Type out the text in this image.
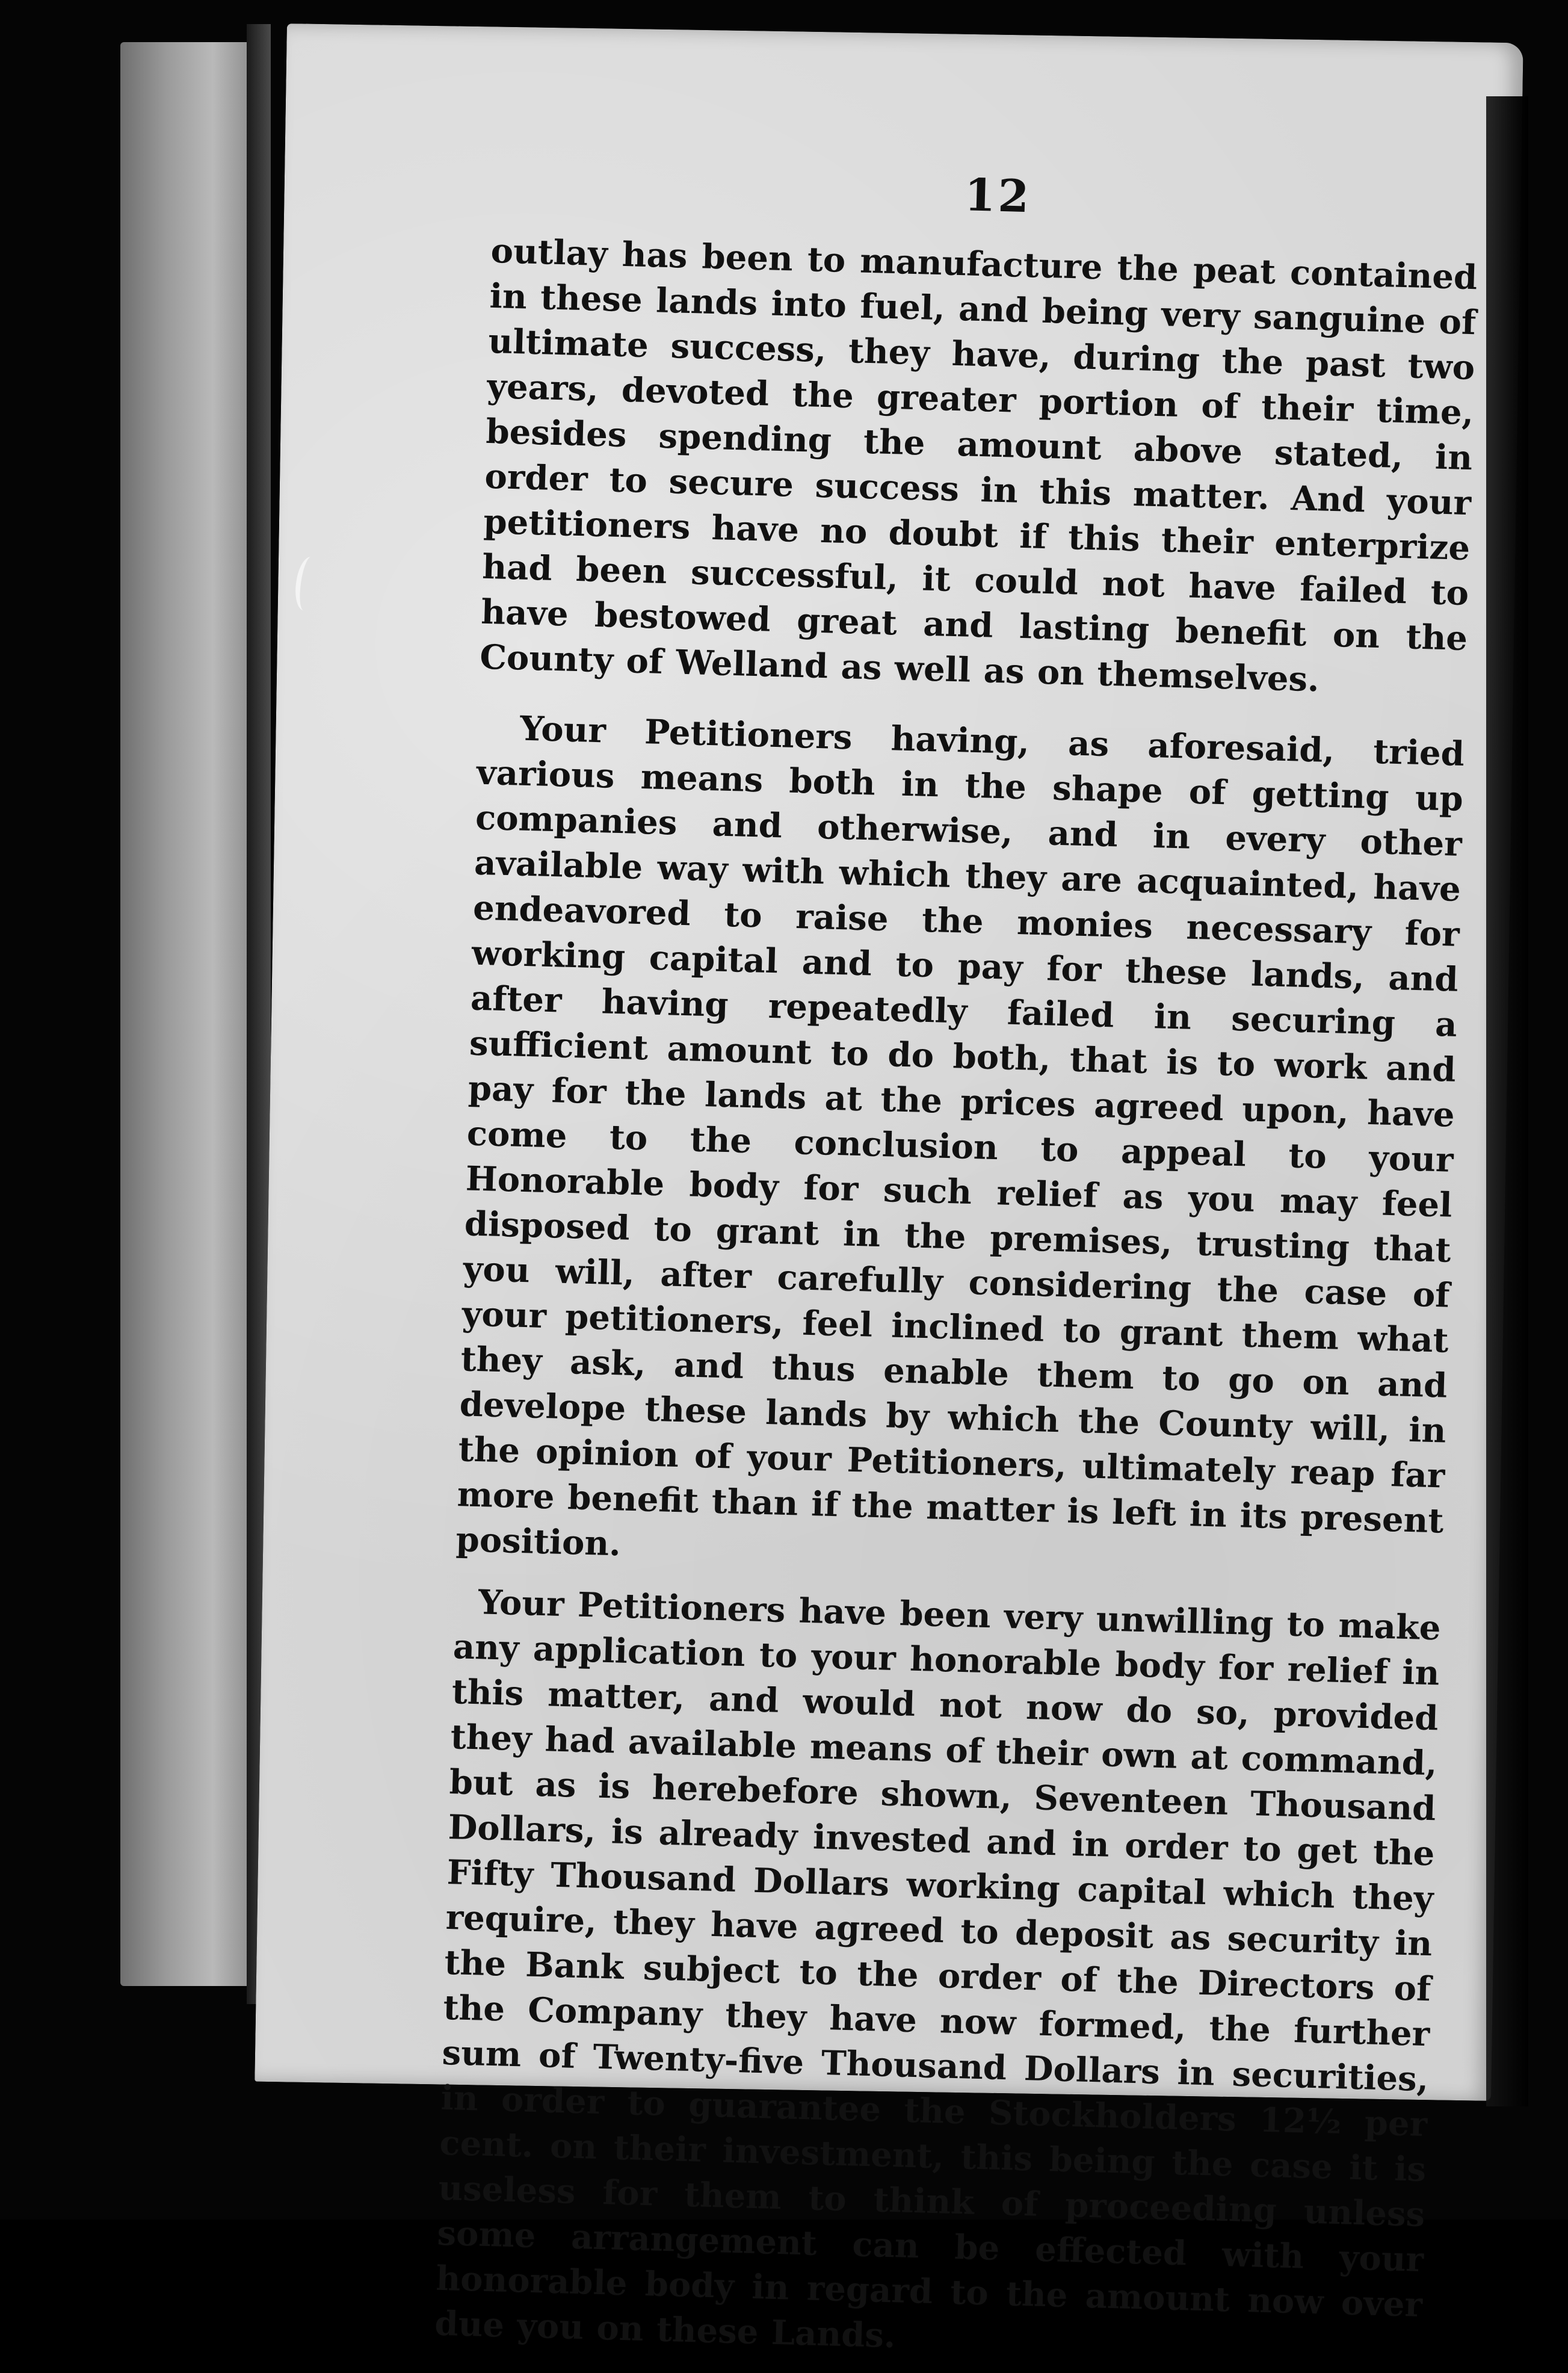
12

outlay has been to manufacture the peat contained in these lands into fuel, and being very sanguine of ultimate success, they have, during the past two years, devoted the greater portion of their time, besides spending the amount above stated, in order to secure success in this matter. And your petitioners have no doubt if this their enterprize had been successful, it could not have failed to have bestowed great and lasting benefit on the County of Welland as well as on themselves.

Your Petitioners having, as aforesaid, tried various means both in the shape of getting up companies and otherwise, and in every other available way with which they are acquainted, have endeavored to raise the monies necessary for working capital and to pay for these lands, and after having repeatedly failed in securing a sufficient amount to do both, that is to work and pay for the lands at the prices agreed upon, have come to the conclusion to appeal to your Honorable body for such relief as you may feel disposed to grant in the premises, trusting that you will, after carefully considering the case of your petitioners, feel inclined to grant them what they ask, and thus enable them to go on and develope these lands by which the County will, in the opinion of your Petitioners, ultimately reap far more benefit than if the matter is left in its present position.

Your Petitioners have been very unwilling to make any application to your honorable body for relief in this matter, and would not now do so, provided they had available means of their own at command, but as is herebefore shown, Seventeen Thousand Dollars, is already invested and in order to get the Fifty Thousand Dollars working capital which they require, they have agreed to deposit as security in the Bank subject to the order of the Directors of the Company they have now formed, the further sum of Twenty-five Thousand Dollars in securities, in order to guarantee the Stockholders 12½ per cent. on their investment, this being the case it is useless for them to think of proceeding unless some arrangement can be effected with your honorable body in regard to the amount now over due you on these Lands.
